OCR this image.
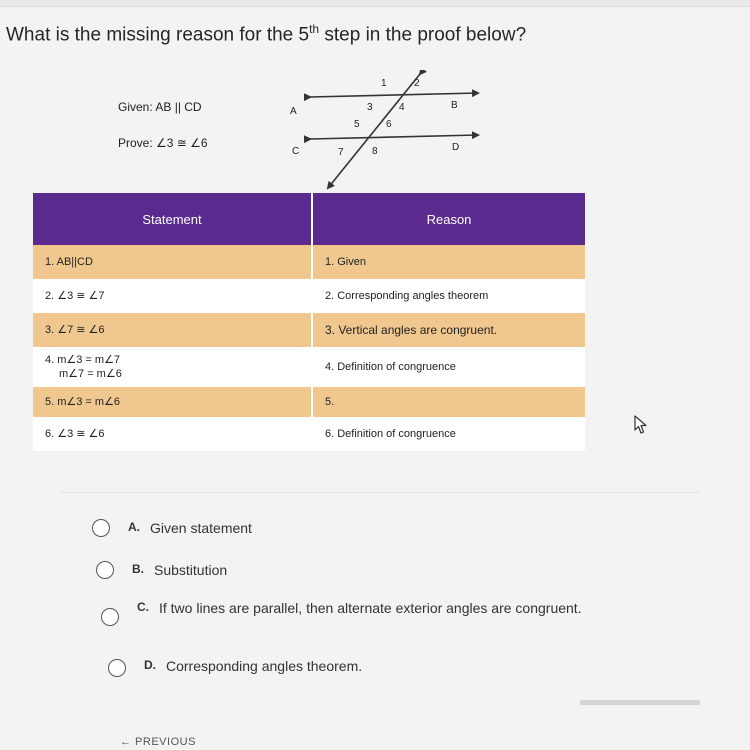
What is the missing reason for the 5th step in the proof below?
Given: AB || CD
Prove: ∠3 ≅ ∠6
1	2
3	4
5	6
7	8
A
B
C	D
Statement	Reason
1. AB||CD	1. Given
2. ∠3 ≅ ∠7	2. Corresponding angles theorem
3. ∠7 ≅ ∠6	3. Vertical angles are congruent.

4. m∠3 = m∠7
m∠7 = m∠6	4. Definition of congruence
5. m∠3 = m∠6	5.
6. ∠3 ≅ ∠6	6. Definition of congruence
A. Given statement
B. Substitution
C. If two lines are parallel, then alternate exterior angles are congruent.
D. Corresponding angles theorem.
← PREVIOUS
